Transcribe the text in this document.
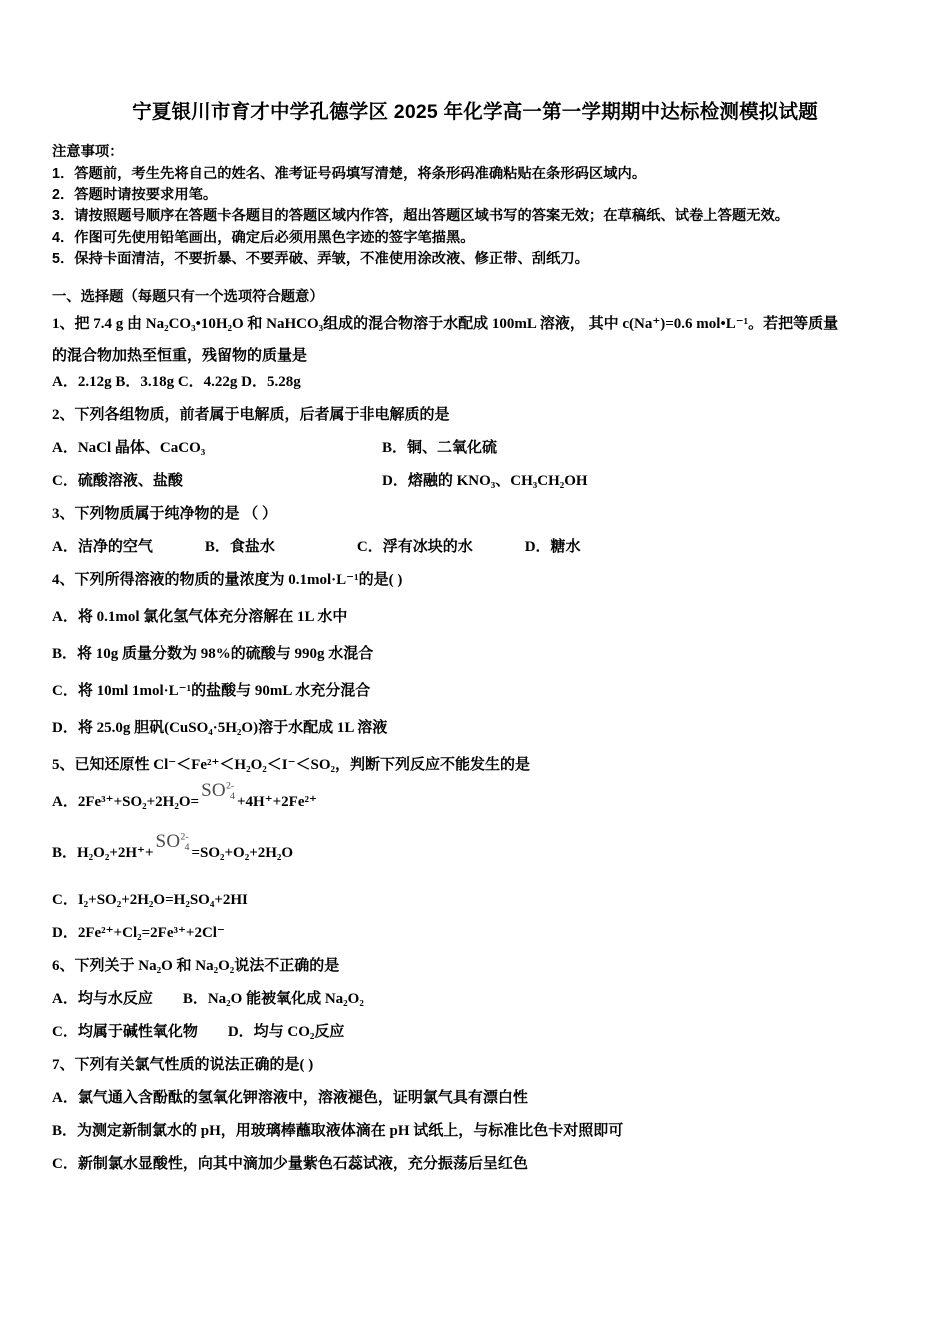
宁夏银川市育才中学孔德学区 2025 年化学高一第一学期期中达标检测模拟试题

注意事项：

1．答题前，考生先将自己的姓名、准考证号码填写清楚，将条形码准确粘贴在条形码区域内。

2．答题时请按要求用笔。

3．请按照题号顺序在答题卡各题目的答题区域内作答，超出答题区域书写的答案无效；在草稿纸、试卷上答题无效。

4．作图可先使用铅笔画出，确定后必须用黑色字迹的签字笔描黑。

5．保持卡面清洁，不要折暴、不要弄破、弄皱，不准使用涂改液、修正带、刮纸刀。

一、选择题（每题只有一个选项符合题意）

1、把 7.4 g 由 Na₂CO₃•10H₂O 和 NaHCO₃组成的混合物溶于水配成 100mL 溶液， 其中 c(Na⁺)=0.6 mol•L⁻¹。若把等质量

的混合物加热至恒重，残留物的质量是

A．2.12g B．3.18g C．4.22g D．5.28g

2、下列各组物质，前者属于电解质，后者属于非电解质的是

A．NaCl 晶体、CaCO₃	B．铜、二氧化硫

C．硫酸溶液、盐酸	D．熔融的 KNO₃、CH₃CH₂OH

3、下列物质属于纯净物的是 （ ）

A．洁净的空气	B．食盐水	C．浮有冰块的水	D．糖水

4、下列所得溶液的物质的量浓度为 0.1mol·L⁻¹的是( )

A．将 0.1mol 氯化氢气体充分溶解在 1L 水中

B．将 10g 质量分数为 98%的硫酸与 990g 水混合

C．将 10ml 1mol·L⁻¹的盐酸与 90mL 水充分混合

D．将 25.0g 胆矾(CuSO₄·5H₂O)溶于水配成 1L 溶液

5、已知还原性 Cl⁻＜Fe²⁺＜H₂O₂＜I⁻＜SO₂，判断下列反应不能发生的是

A．$2Fe^{3+}+SO_2+2H_2O=SO^{2-}4 +4H^++2Fe^{2+}$

B．$H_2O_2+2H^++SO^{2-}4 =SO_2+O_2+2H_2O$

C．I₂+SO₂+2H₂O=H₂SO₄+2HI

D．2Fe²⁺+Cl₂=2Fe³⁺+2Cl⁻

6、下列关于 Na₂O 和 Na₂O₂说法不正确的是

A．均与水反应 B．Na₂O 能被氧化成 Na₂O₂

C．均属于碱性氧化物 D．均与 CO₂反应

7、下列有关氯气性质的说法正确的是( )

A．氯气通入含酚酞的氢氧化钾溶液中，溶液褪色，证明氯气具有漂白性

B．为测定新制氯水的 pH，用玻璃棒蘸取液体滴在 pH 试纸上，与标准比色卡对照即可

C．新制氯水显酸性，向其中滴加少量紫色石蕊试液，充分振荡后呈红色
